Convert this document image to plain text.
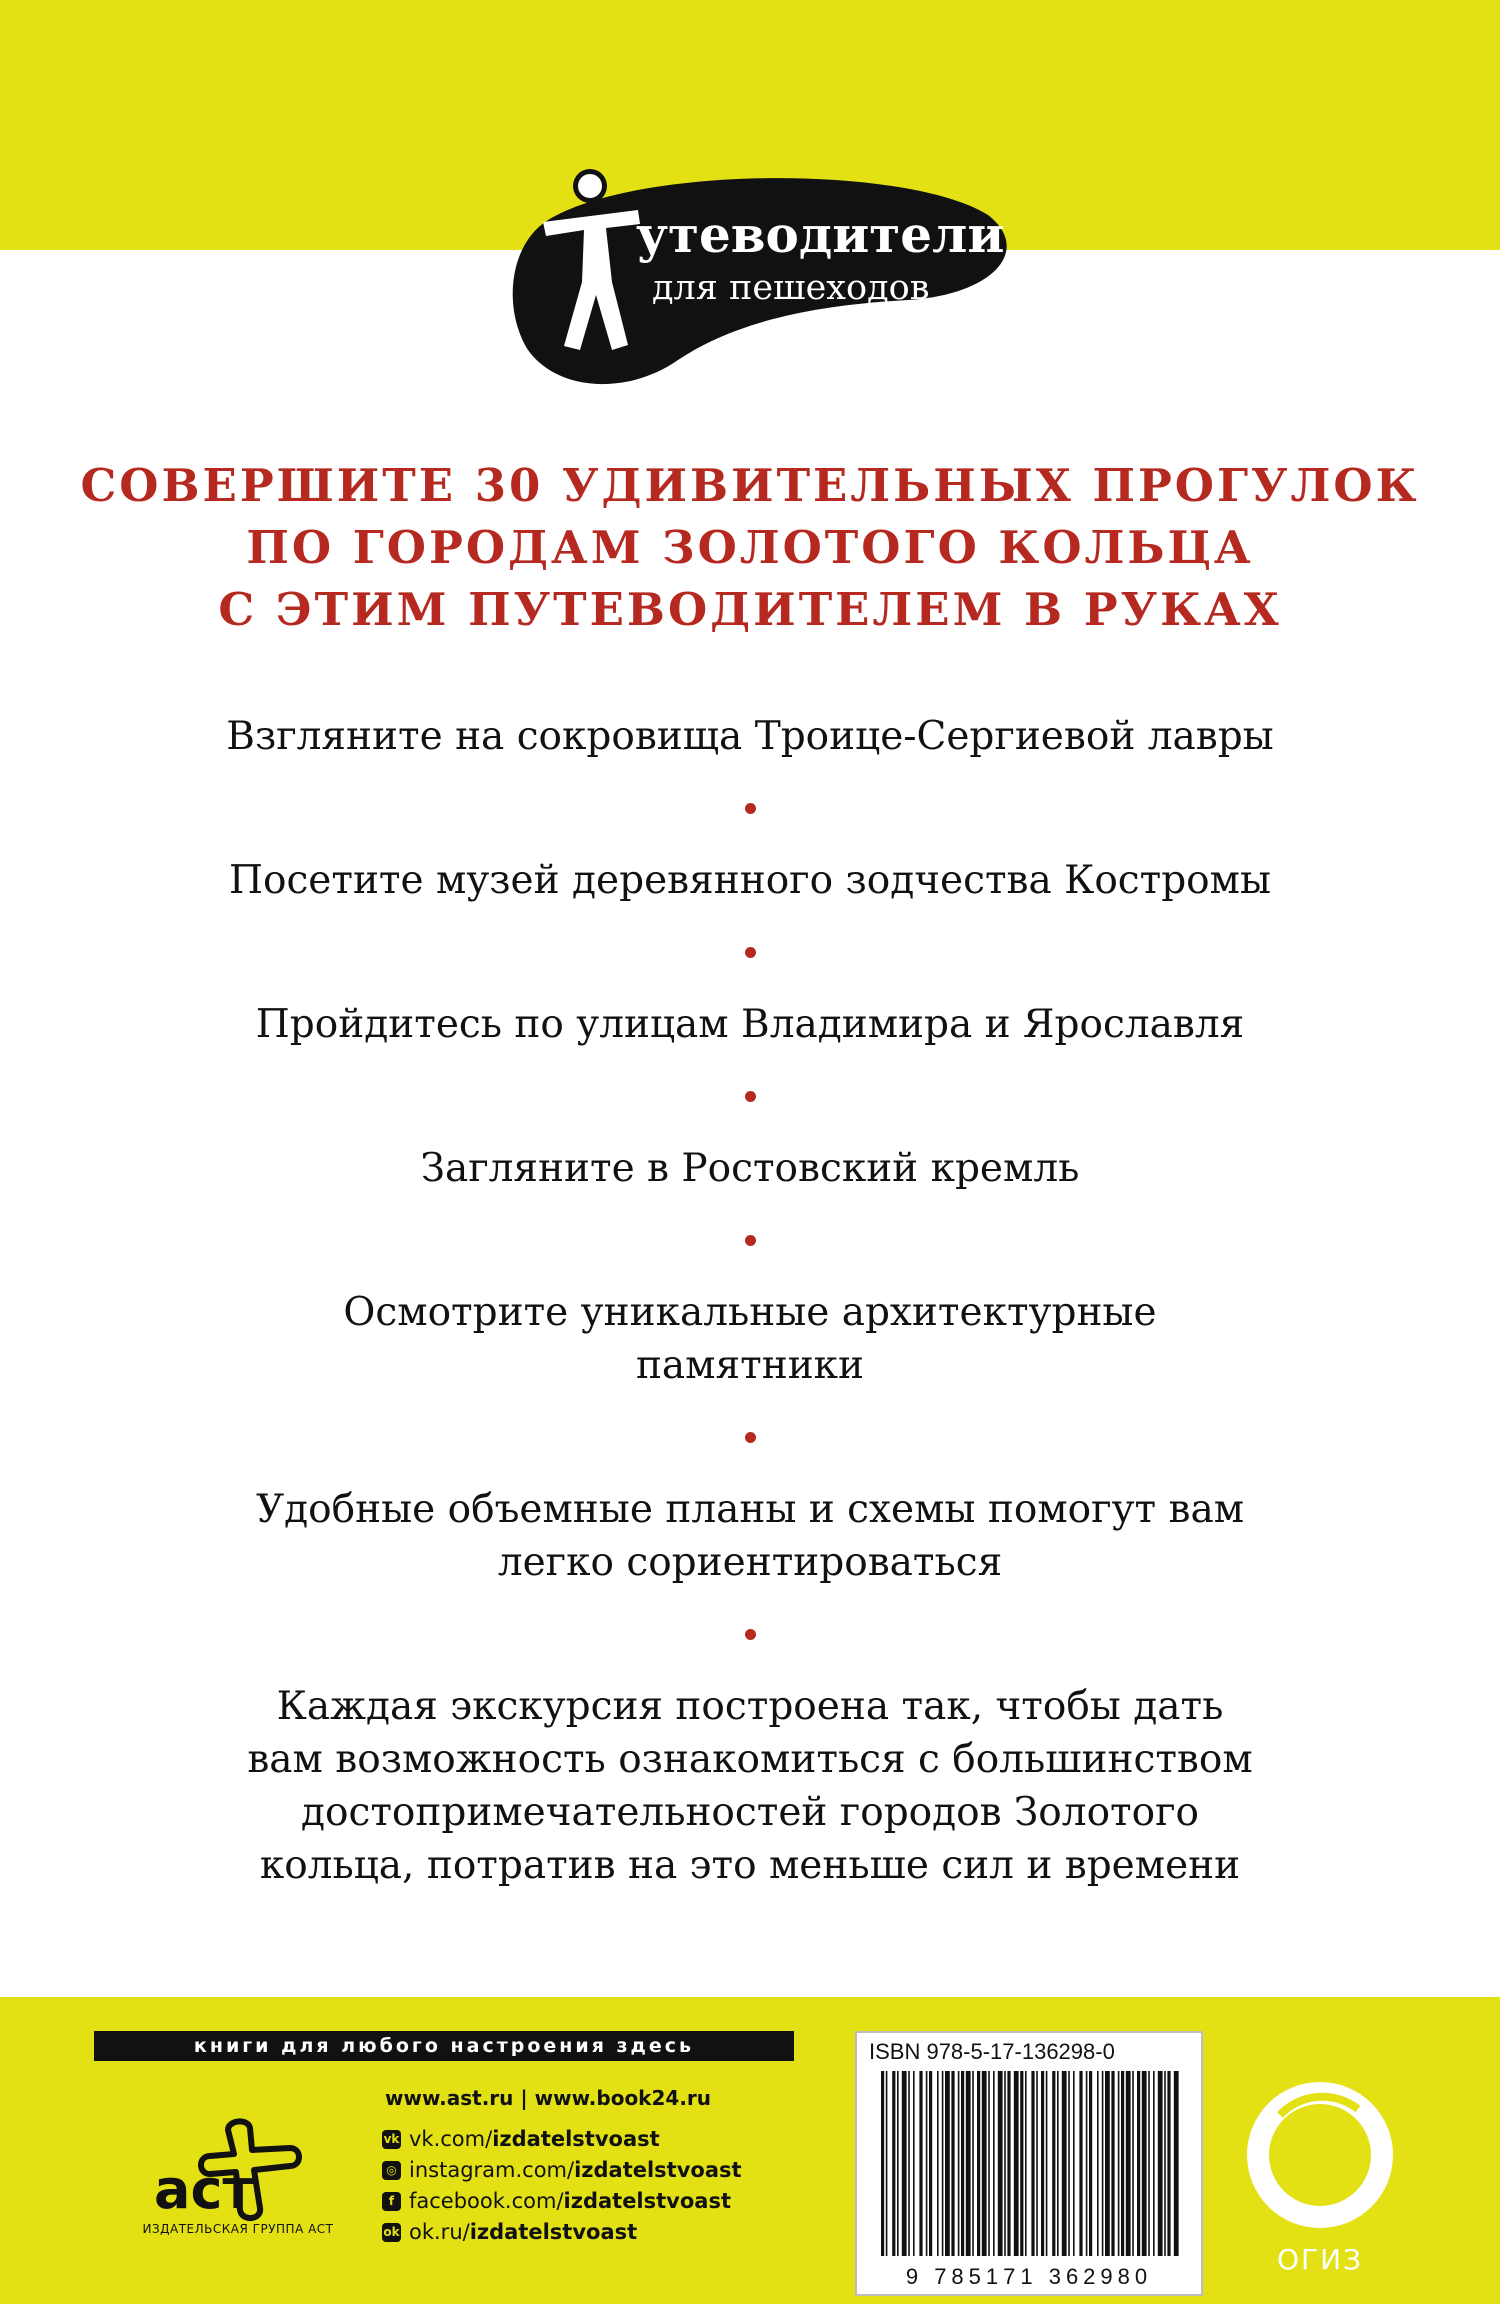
утеводители
для пешеходов
СОВЕРШИТЕ 30 УДИВИТЕЛЬНЫХ ПРОГУЛОК
ПО ГОРОДАМ ЗОЛОТОГО КОЛЬЦА
С ЭТИМ ПУТЕВОДИТЕЛЕМ В РУКАХ
Взгляните на сокровища Троице-Сергиевой лавры
Посетите музей деревянного зодчества Костромы
Пройдитесь по улицам Владимира и Ярославля
Загляните в Ростовский кремль
Осмотрите уникальные архитектурные
памятники
Удобные объемные планы и схемы помогут вам
легко сориентироваться
Каждая экскурсия построена так, чтобы дать
вам возможность ознакомиться с большинством
достопримечательностей городов Золотого
кольца, потратив на это меньше сил и времени
книги для любого настроения здесь
аст
ИЗДАТЕЛЬСКАЯ ГРУППА АСТ
www.ast.ru | www.book24.ru
vk vk.com/ izdatelstvoast
◎ instagram.com/ izdatelstvoast
f facebook.com/ izdatelstvoast
ok ok.ru/ izdatelstvoast
ISBN 978-5-17-136298-0
9 785171 362980
ОГИЗ
